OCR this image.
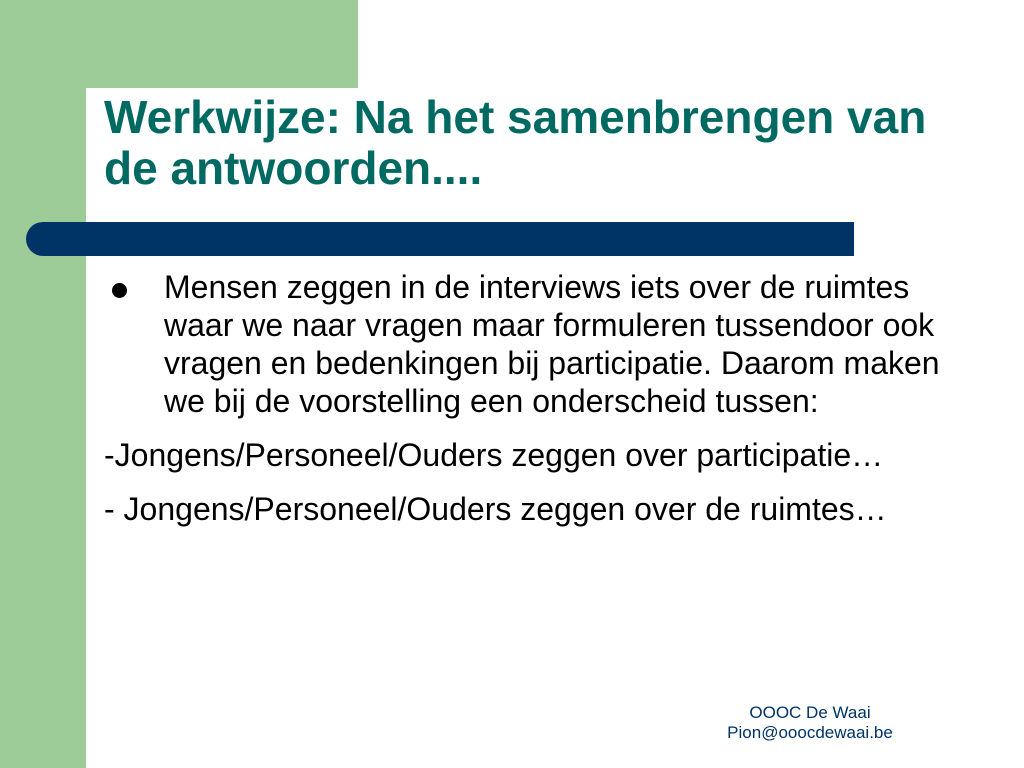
Werkwijze: Na het samenbrengen van de antwoorden....

Mensen zeggen in de interviews iets over de ruimtes waar we naar vragen maar formuleren tussendoor ook vragen en bedenkingen bij participatie. Daarom maken we bij de voorstelling een onderscheid tussen:

-Jongens/Personeel/Ouders zeggen over participatie…

- Jongens/Personeel/Ouders zeggen over de ruimtes…

OOOC De Waai
Pion@ooocdewaai.be
